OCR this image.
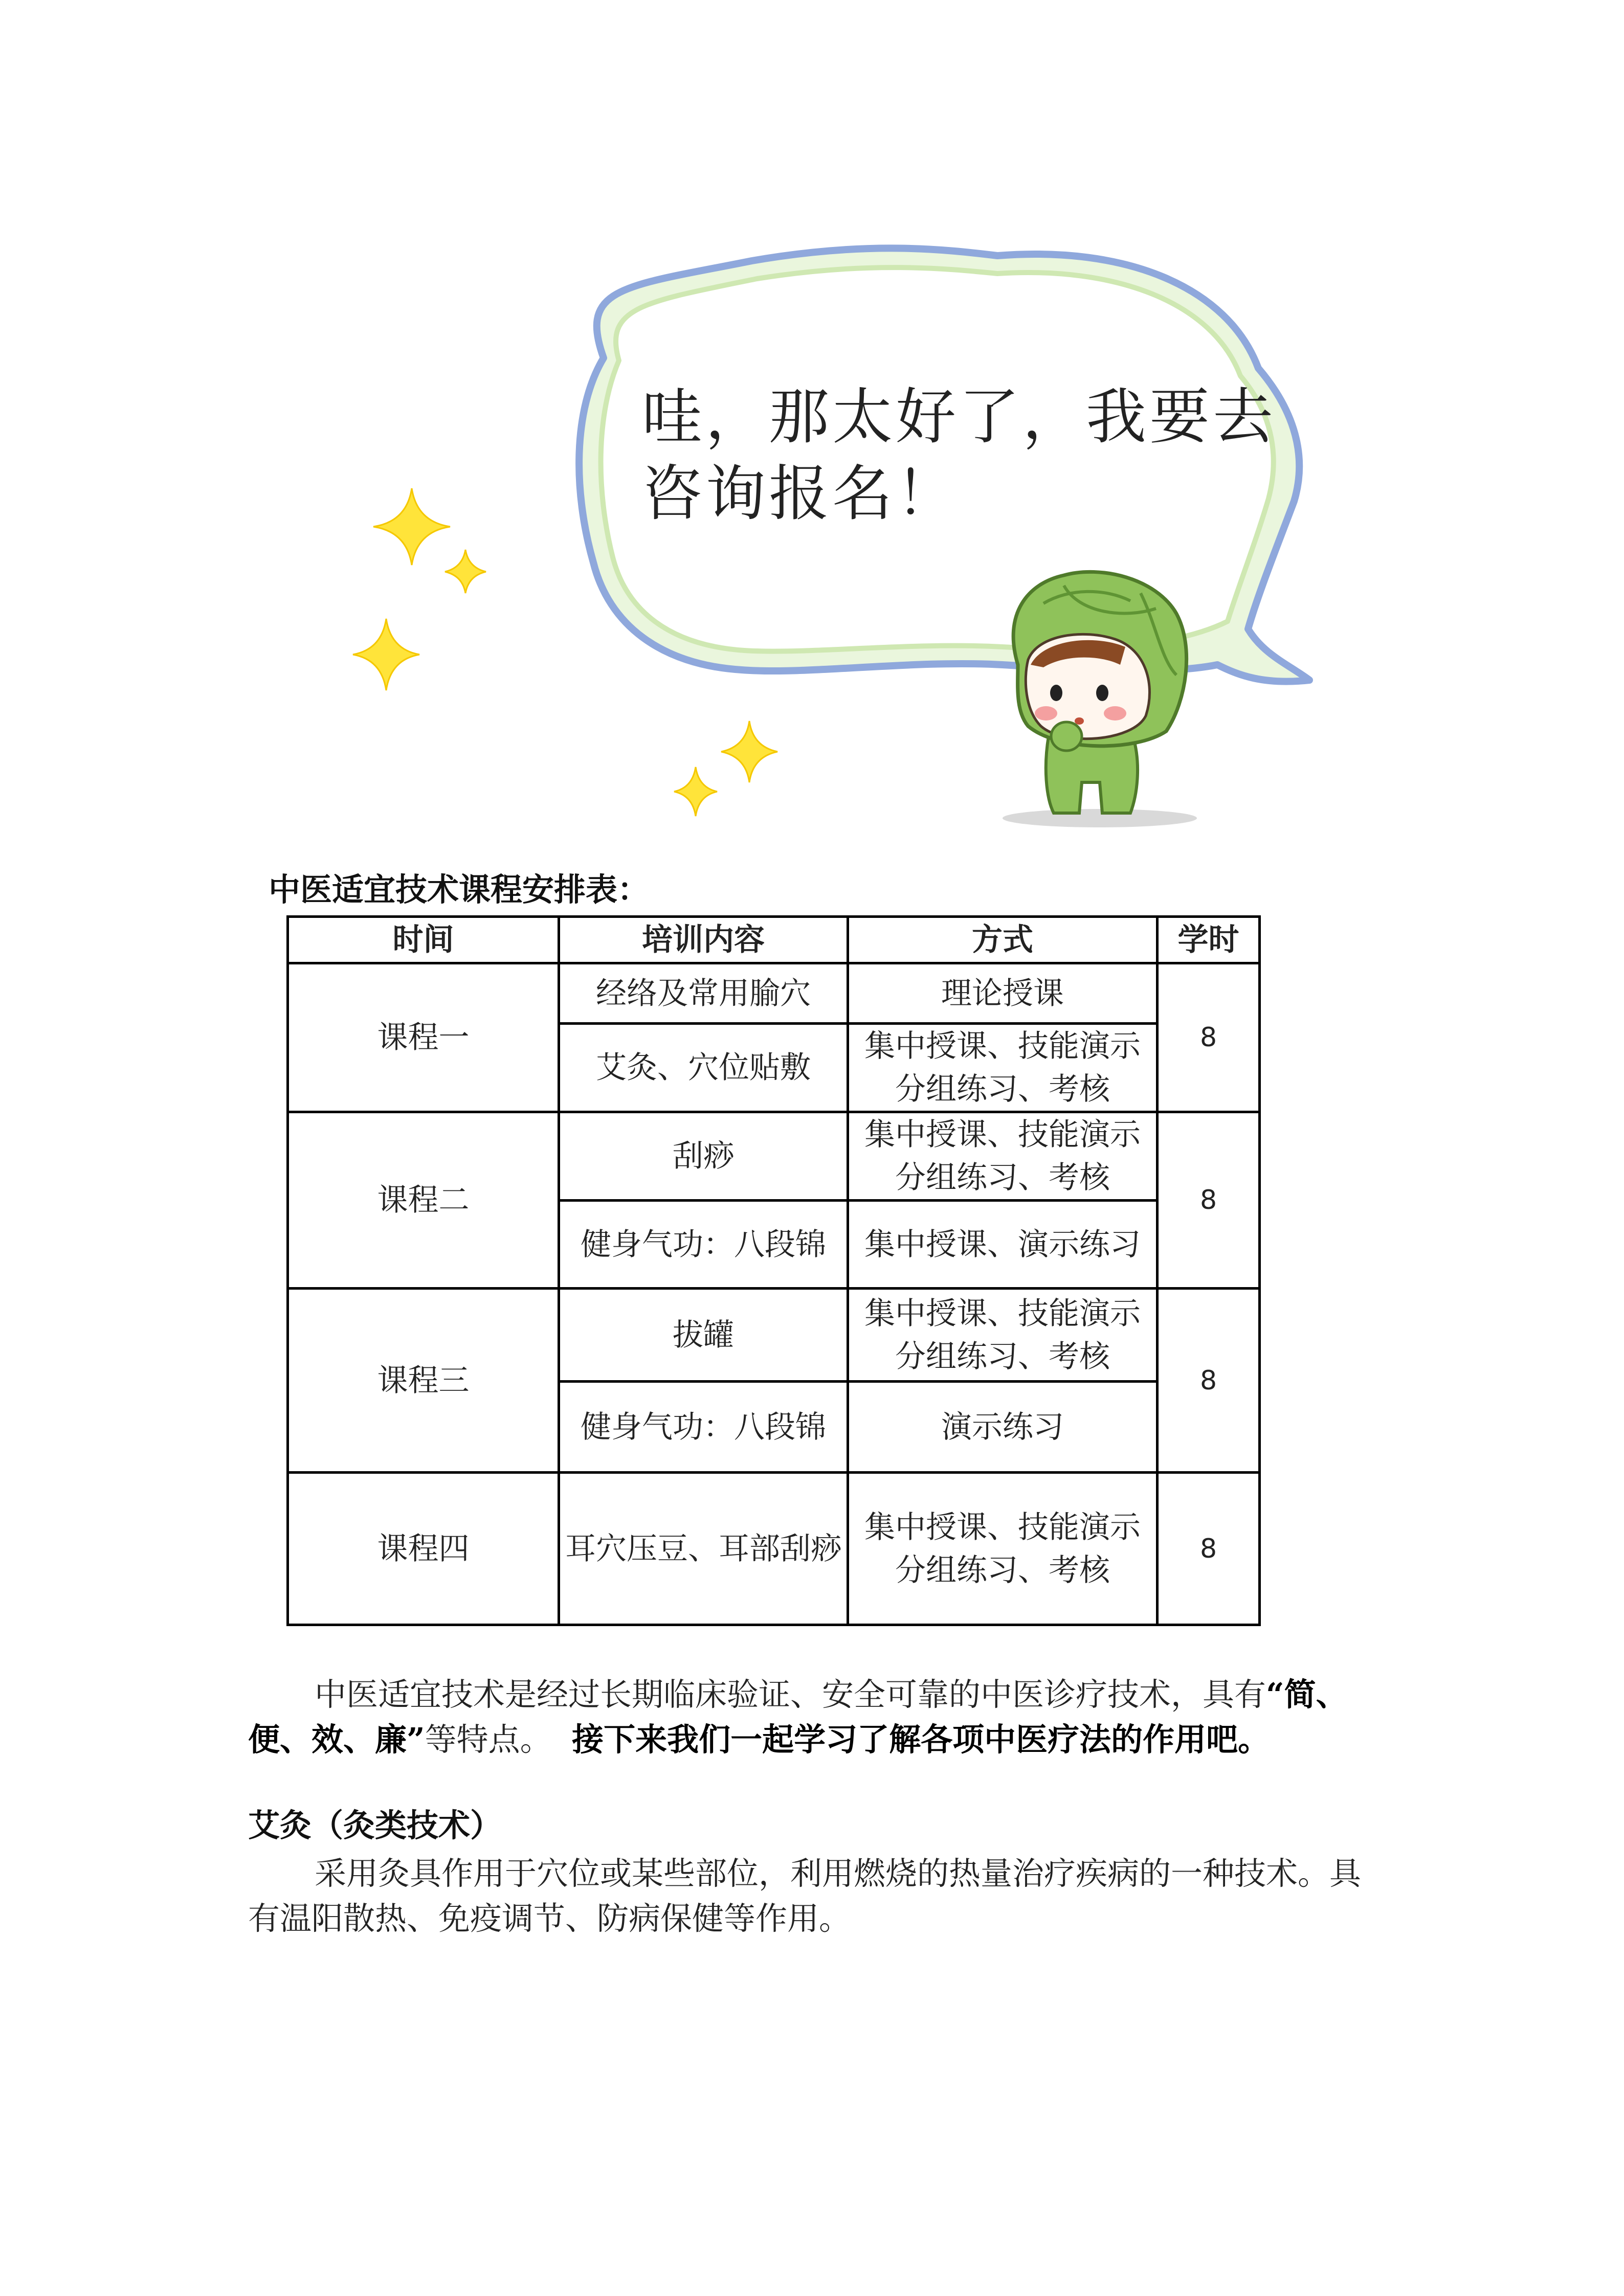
哇，那太好了，我要去
咨询报名！
中医适宜技术课程安排表：
时间	培训内容	方式	学时
课程一	经络及常用腧穴	理论授课	8
	艾灸、穴位贴敷	集中授课、技能演示
分组练习、考核	

课程二	刮痧	集中授课、技能演示
分组练习、考核	8
	健身气功：八段锦	集中授课、演示练习	
课程三	拔罐	集中授课、技能演示
分组练习、考核	8
	健身气功：八段锦	演示练习	
课程四	耳穴压豆、耳部刮痧	集中授课、技能演示
分组练习、考核	8
中医适宜技术是经过长期临床验证、安全可靠的中医诊疗技术，具有“简、便、效、廉”等特点。 接下来我们一起学习了解各项中医疗法的作用吧。
艾灸（灸类技术）
采用灸具作用于穴位或某些部位，利用燃烧的热量治疗疾病的一种技术。具有温阳散热、免疫调节、防病保健等作用。
